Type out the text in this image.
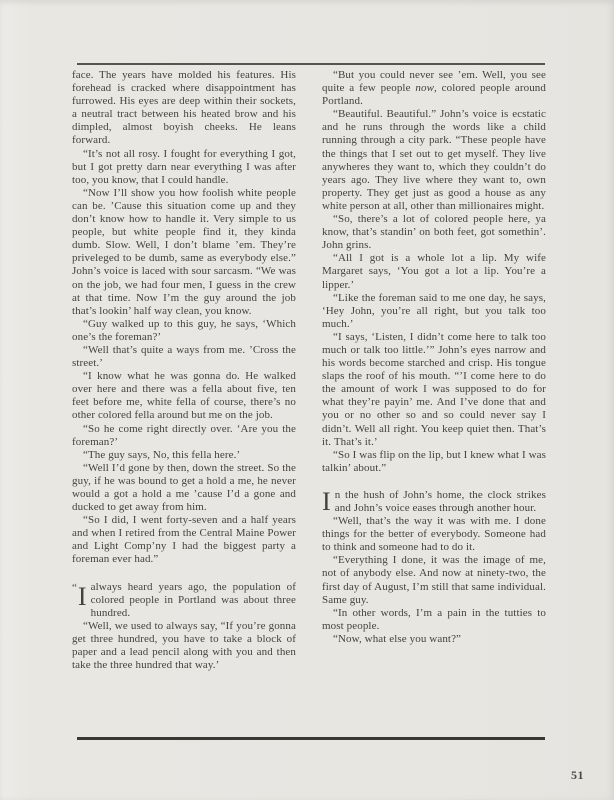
face. The years have molded his features. His forehead is cracked where disappointment has furrowed. His eyes are deep within their sockets, a neutral tract between his heated brow and his dimpled, almost boyish cheeks. He leans forward.

“It’s not all rosy. I fought for everything I got, but I got pretty darn near everything I was after too, you know, that I could handle.

“Now I’ll show you how foolish white people can be. ’Cause this situation come up and they don’t know how to handle it. Very simple to us people, but white people find it, they kinda dumb. Slow. Well, I don’t blame ’em. They’re priveleged to be dumb, same as everybody else.” John’s voice is laced with sour sarcasm. “We was on the job, we had four men, I guess in the crew at that time. Now I’m the guy around the job that’s lookin’ half way clean, you know.

“Guy walked up to this guy, he says, ‘Which one’s the foreman?’

“Well that’s quite a ways from me. ’Cross the street.’

“I know what he was gonna do. He walked over here and there was a fella about five, ten feet before me, white fella of course, there’s no other colored fella around but me on the job.

“So he come right directly over. ‘Are you the foreman?’

“The guy says, No, this fella here.’

“Well I’d gone by then, down the street. So the guy, if he was bound to get a hold a me, he never would a got a hold a me ’cause I’d a gone and ducked to get away from him.

“So I did, I went forty-seven and a half years and when I retired from the Central Maine Power and Light Comp’ny I had the biggest party a foreman ever had.”

“I always heard years ago, the population of colored people in Portland was about three hundred.

“Well, we used to always say, “If you’re gonna get three hundred, you have to take a block of paper and a lead pencil along with you and then take the three hundred that way.’

“But you could never see ’em. Well, you see quite a few people now, colored people around Portland.

“Beautiful. Beautiful.” John’s voice is ecstatic and he runs through the words like a child running through a city park. “These people have the things that I set out to get myself. They live anywheres they want to, which they couldn’t do years ago. They live where they want to, own property. They get just as good a house as any white person at all, other than millionaires might.

“So, there’s a lot of colored people here, ya know, that’s standin’ on both feet, got somethin’. John grins.

“All I got is a whole lot a lip. My wife Margaret says, ‘You got a lot a lip. You’re a lipper.’

“Like the foreman said to me one day, he says, ‘Hey John, you’re all right, but you talk too much.’

“I says, ‘Listen, I didn’t come here to talk too much or talk too little.’” John’s eyes narrow and his words become starched and crisp. His tongue slaps the roof of his mouth. “’I come here to do the amount of work I was supposed to do for what they’re payin’ me. And I’ve done that and you or no other so and so could never say I didn’t. Well all right. You keep quiet then. That’s it. That’s it.’

“So I was flip on the lip, but I knew what I was talkin’ about.”

In the hush of John’s home, the clock strikes and John’s voice eases through another hour.

“Well, that’s the way it was with me. I done things for the better of everybody. Someone had to think and someone had to do it.

“Everything I done, it was the image of me, not of anybody else. And now at ninety-two, the first day of August, I’m still that same individual. Same guy.

“In other words, I’m a pain in the tutties to most people.

“Now, what else you want?”

51
